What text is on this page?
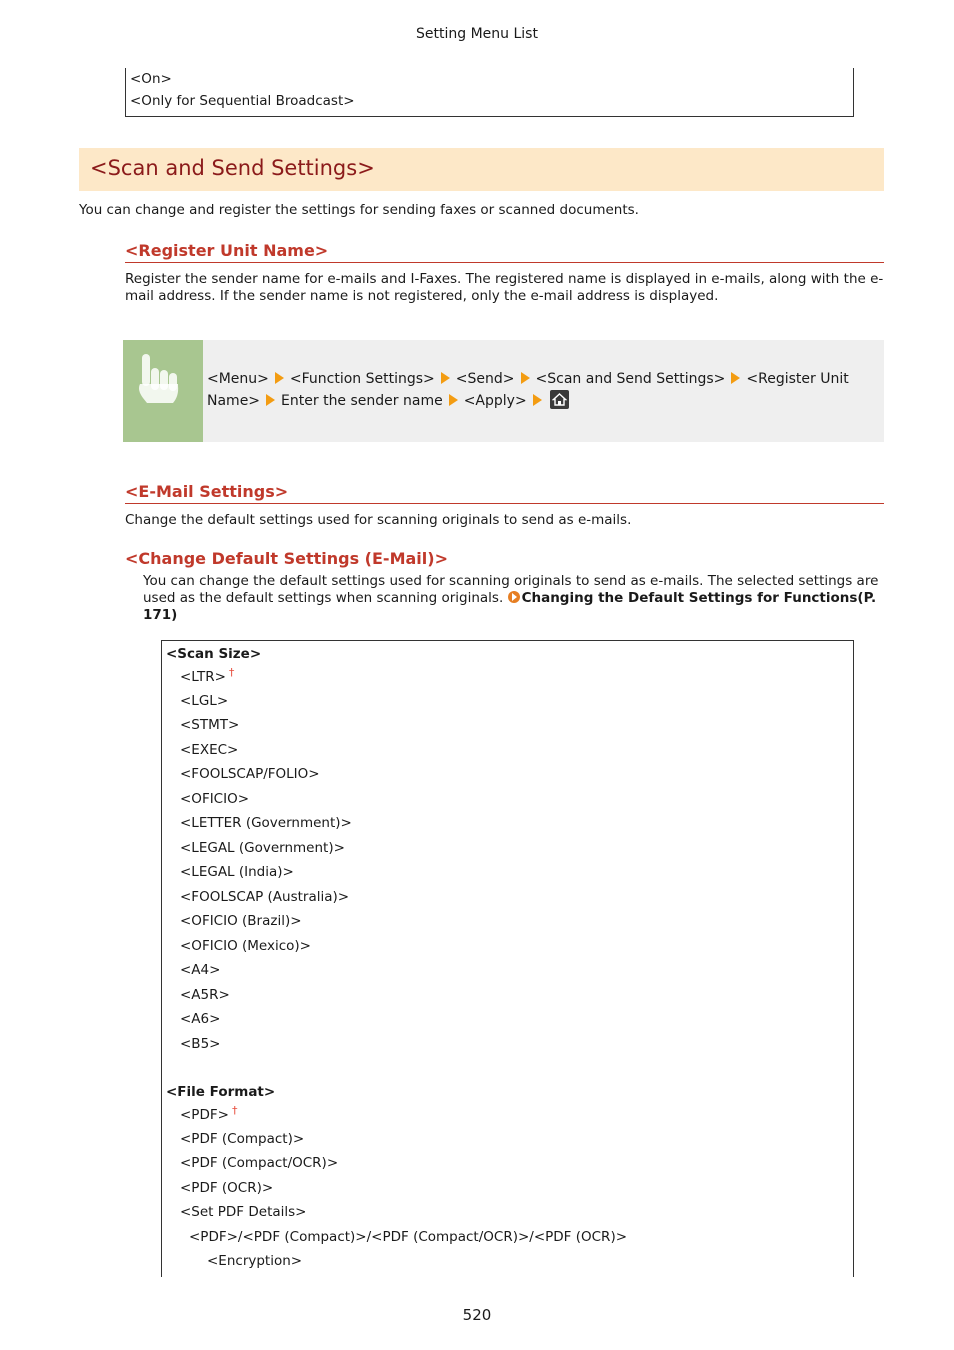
Setting Menu List
<On>
<Only for Sequential Broadcast>
<Scan and Send Settings>
You can change and register the settings for sending faxes or scanned documents.
<Register Unit Name>
Register the sender name for e-mails and I-Faxes. The registered name is displayed in e-mails, along with the e-mail address. If the sender name is not registered, only the e-mail address is displayed.
<Menu> <Function Settings> <Send> <Scan and Send Settings> <Register Unit Name> Enter the sender name <Apply>
<E-Mail Settings>
Change the default settings used for scanning originals to send as e-mails.
<Change Default Settings (E-Mail)>
You can change the default settings used for scanning originals to send as e-mails. The selected settings are used as the default settings when scanning originals. Changing the Default Settings for Functions(P. 171)
<Scan Size>
<LTR> †
<LGL>
<STMT>
<EXEC>
<FOOLSCAP/FOLIO>
<OFICIO>
<LETTER (Government)>
<LEGAL (Government)>
<LEGAL (India)>
<FOOLSCAP (Australia)>
<OFICIO (Brazil)>
<OFICIO (Mexico)>
<A4>
<A5R>
<A6>
<B5>
<File Format>
<PDF> †
<PDF (Compact)>
<PDF (Compact/OCR)>
<PDF (OCR)>
<Set PDF Details>
<PDF>/<PDF (Compact)>/<PDF (Compact/OCR)>/<PDF (OCR)>
<Encryption>
520
